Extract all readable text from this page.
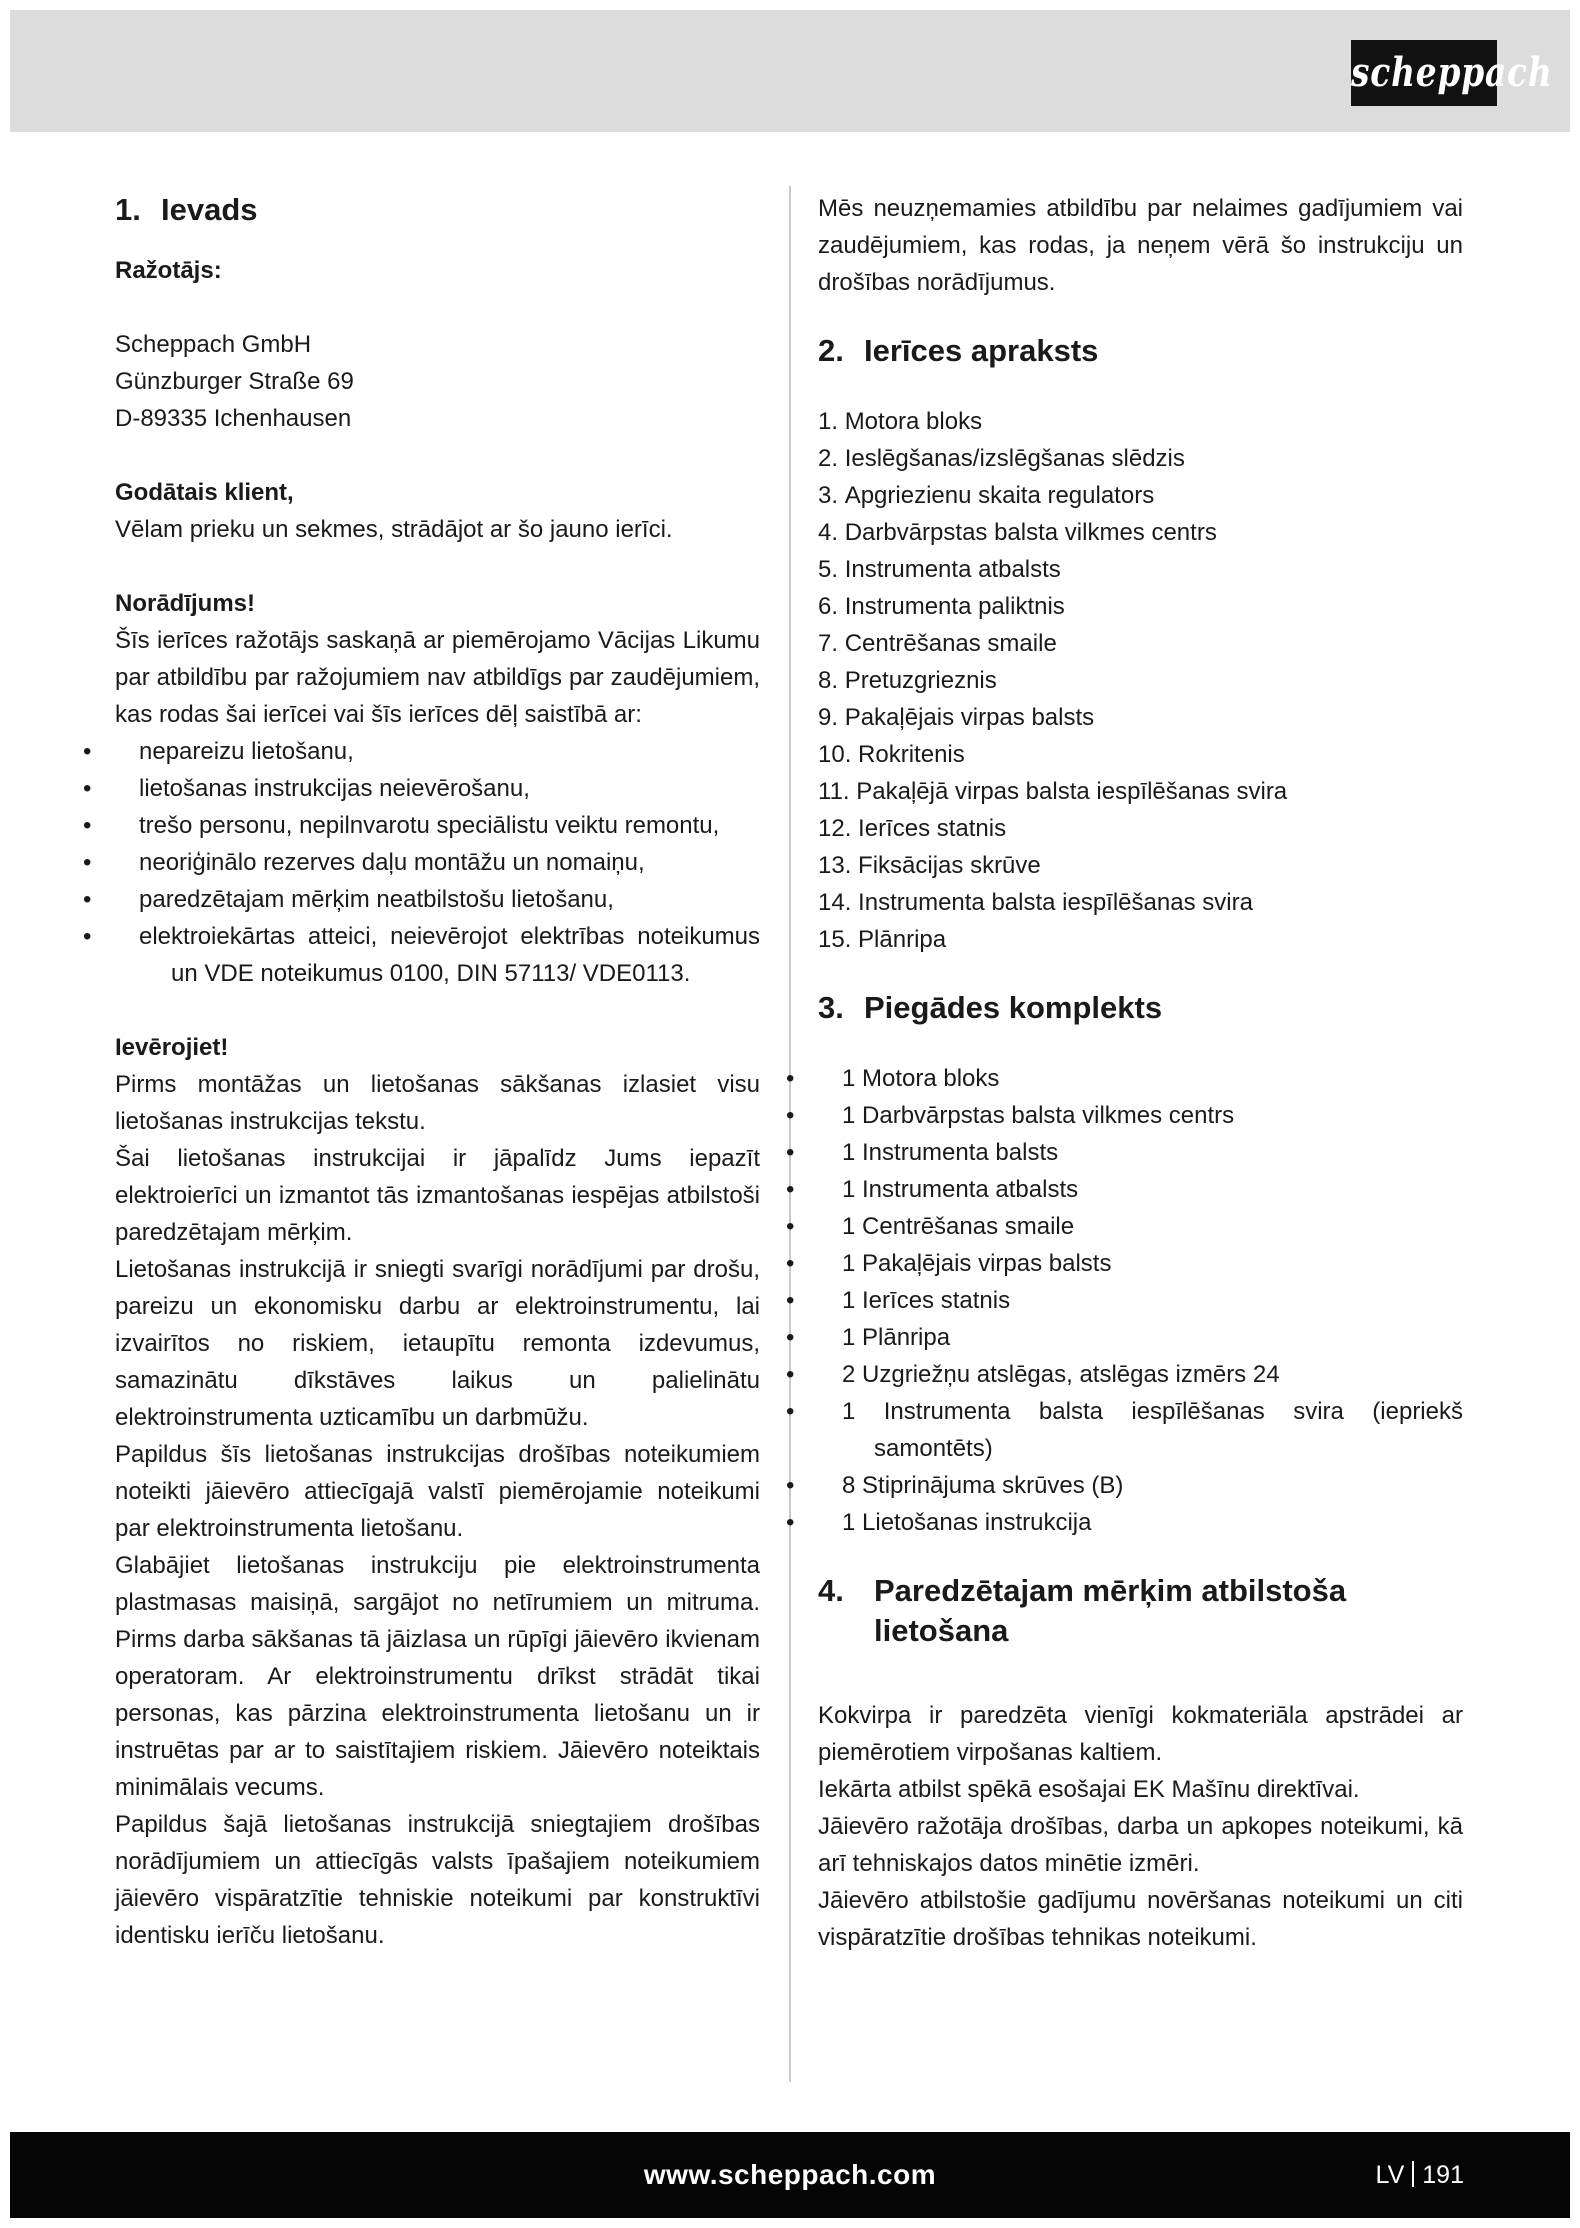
scheppach
1. Ievads

Ražotājs:

Scheppach GmbH

Günzburger Straße 69

D-89335 Ichenhausen

Godātais klient,

Vēlam prieku un sekmes, strādājot ar šo jauno ierīci.

Norādījums!

Šīs ierīces ražotājs saskaņā ar piemērojamo Vācijas Likumu par atbildību par ražojumiem nav atbildīgs par zaudējumiem, kas rodas šai ierīcei vai šīs ierīces dēļ saistībā ar:

• nepareizu lietošanu,
• lietošanas instrukcijas neievērošanu,
• trešo personu, nepilnvarotu speciālistu veiktu remontu,
• neoriģinālo rezerves daļu montāžu un nomaiņu,
• paredzētajam mērķim neatbilstošu lietošanu,
• elektroiekārtas atteici, neievērojot elektrības noteikumus un VDE noteikumus 0100, DIN 57113/ VDE0113.

Ievērojiet!

Pirms montāžas un lietošanas sākšanas izlasiet visu lietošanas instrukcijas tekstu.

Šai lietošanas instrukcijai ir jāpalīdz Jums iepazīt elektroierīci un izmantot tās izmantošanas iespējas atbilstoši paredzētajam mērķim.

Lietošanas instrukcijā ir sniegti svarīgi norādījumi par drošu, pareizu un ekonomisku darbu ar elektroinstrumentu, lai izvairītos no riskiem, ietaupītu remonta izdevumus, samazinātu dīkstāves laikus un palielinātu elektroinstrumenta uzticamību un darbmūžu.

Papildus šīs lietošanas instrukcijas drošības noteikumiem noteikti jāievēro attiecīgajā valstī piemērojamie noteikumi par elektroinstrumenta lietošanu.

Glabājiet lietošanas instrukciju pie elektroinstrumenta plastmasas maisiņā, sargājot no netīrumiem un mitruma. Pirms darba sākšanas tā jāizlasa un rūpīgi jāievēro ikvienam operatoram. Ar elektroinstrumentu drīkst strādāt tikai personas, kas pārzina elektroinstrumenta lietošanu un ir instruētas par ar to saistītajiem riskiem. Jāievēro noteiktais minimālais vecums.

Papildus šajā lietošanas instrukcijā sniegtajiem drošības norādījumiem un attiecīgās valsts īpašajiem noteikumiem jāievēro vispāratzītie tehniskie noteikumi par konstruktīvi identisku ierīču lietošanu.

Mēs neuzņemamies atbildību par nelaimes gadījumiem vai zaudējumiem, kas rodas, ja neņem vērā šo instrukciju un drošības norādījumus.

2. Ierīces apraksts
1.
Motora bloks
2.
Ieslēgšanas/izslēgšanas slēdzis
3.
Apgriezienu skaita regulators
4.
Darbvārpstas balsta vilkmes centrs
5.
Instrumenta atbalsts
6.
Instrumenta paliktnis
7.
Centrēšanas smaile
8.
Pretuzgrieznis
9.
Pakaļējais virpas balsts
10.
Rokritenis
11.
Pakaļējā virpas balsta iespīlēšanas svira
12.
Ierīces statnis
13.
Fiksācijas skrūve
14.
Instrumenta balsta iespīlēšanas svira
15.
Plānripa
3. Piegādes komplekts
• 1 Motora bloks
• 1 Darbvārpstas balsta vilkmes centrs
• 1 Instrumenta balsts
• 1 Instrumenta atbalsts
• 1 Centrēšanas smaile
• 1 Pakaļējais virpas balsts
• 1 Ierīces statnis
• 1 Plānripa
• 2 Uzgriežņu atslēgas, atslēgas izmērs 24
• 1 Instrumenta balsta iespīlēšanas svira (iepriekš samontēts)
• 8 Stiprinājuma skrūves (B)
• 1 Lietošanas instrukcija
4. Paredzētajam mērķim atbilstoša lietošana

Kokvirpa ir paredzēta vienīgi kokmateriāla apstrādei ar piemērotiem virpošanas kaltiem.

Iekārta atbilst spēkā esošajai EK Mašīnu direktīvai.

Jāievēro ražotāja drošības, darba un apkopes noteikumi, kā arī tehniskajos datos minētie izmēri.

Jāievēro atbilstošie gadījumu novēršanas noteikumi un citi vispāratzītie drošības tehnikas noteikumi.

www.scheppach.com	LV 191
